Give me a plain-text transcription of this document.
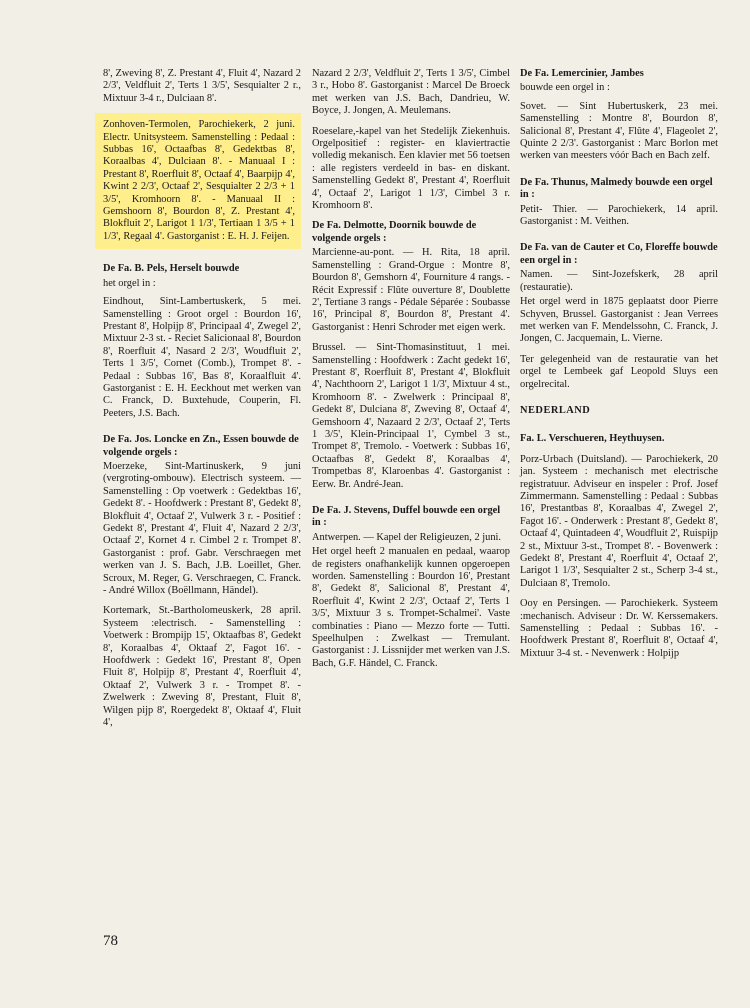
8', Zweving 8', Z. Prestant 4', Fluit 4', Nazard 2 2/3', Veldfluit 2', Terts 1 3/5', Sesquialter 2 r., Mixtuur 3-4 r., Dulciaan 8'.

Zonhoven-Termolen, Parochiekerk, 2 juni. Electr. Unitsysteem. Samenstelling : Pedaal : Subbas 16', Octaafbas 8', Gedektbas 8', Koraalbas 4', Dulciaan 8'. - Manuaal I : Prestant 8', Roerfluit 8', Octaaf 4', Baarpijp 4', Kwint 2 2/3', Octaaf 2', Sesquialter 2 2/3 + 1 3/5', Kromhoorn 8'. - Manuaal II : Gemshoorn 8', Bourdon 8', Z. Prestant 4', Blokfluit 2', Larigot 1 1/3', Tertiaan 1 3/5 + 1 1/3', Regaal 4'. Gastorganist : E. H. J. Feijen.

De Fa. B. Pels, Herselt bouwde
het orgel in :

Eindhout, Sint-Lambertuskerk, 5 mei. Samenstelling : Groot orgel : Bourdon 16', Prestant 8', Holpijp 8', Principaal 4', Zwegel 2', Mixtuur 2-3 st. - Reciet Salicionaal 8', Bourdon 8', Roerfluit 4', Nasard 2 2/3', Woudfluit 2', Terts 1 3/5', Cornet (Comb.), Trompet 8'. - Pedaal : Subbas 16', Bas 8', Koraalfluit 4'. Gastorganist : E. H. Eeckhout met werken van C. Franck, D. Buxtehude, Couperin, Fl. Peeters, J.S. Bach.

De Fa. Jos. Loncke en Zn., Essen bouwde de volgende orgels :

Moerzeke, Sint-Martinuskerk, 9 juni (vergroting-ombouw). Electrisch systeem. — Samenstelling : Op voetwerk : Gedektbas 16', Gedekt 8'. - Hoofdwerk : Prestant 8', Gedekt 8', Blokfluit 4', Octaaf 2', Vulwerk 3 r. - Positief : Gedekt 8', Prestant 4', Fluit 4', Nazard 2 2/3', Octaaf 2', Kornet 4 r. Cimbel 2 r. Trompet 8'. Gastorganist : prof. Gabr. Verschraegen met werken van J. S. Bach, J.B. Loeillet, Gher. Scroux, M. Reger, G. Verschraegen, C. Franck. - André Willox (Boëllmann, Händel).

Kortemark, St.-Bartholomeuskerk, 28 april. Systeem :electrisch. - Samenstelling : Voetwerk : Brompijp 15', Oktaafbas 8', Gedekt 8', Koraalbas 4', Oktaaf 2', Fagot 16'. - Hoofdwerk : Gedekt 16', Prestant 8', Open Fluit 8', Holpijp 8', Prestant 4', Roerfluit 4', Oktaaf 2', Vulwerk 3 r. - Trompet 8'. - Zwelwerk : Zweving 8', Prestant, Fluit 8', Wilgen pijp 8', Roergedekt 8', Oktaaf 4', Fluit 4',

Nazard 2 2/3', Veldfluit 2', Terts 1 3/5', Cimbel 3 r., Hobo 8'. Gastorganist : Marcel De Broeck met werken van J.S. Bach, Dandrieu, W. Boyce, J. Jongen, A. Meulemans.

Roeselare,-kapel van het Stedelijk Ziekenhuis. Orgelpositief : register- en klaviertractie volledig mekanisch. Een klavier met 56 toetsen : alle registers verdeeld in bas- en diskant. Samenstelling Gedekt 8', Prestant 4', Roerfluit 4', Octaaf 2', Larigot 1 1/3', Cimbel 3 r. Kromhoorn 8'.

De Fa. Delmotte, Doornik bouwde de volgende orgels :

Marcienne-au-pont. — H. Rita, 18 april. Samenstelling : Grand-Orgue : Montre 8', Bourdon 8', Gemshorn 4', Fourniture 4 rangs. - Récit Expressif : Flûte ouverture 8', Doublette 2', Tertiane 3 rangs - Pédale Séparée : Soubasse 16', Principal 8', Bourdon 8', Prestant 4'. Gastorganist : Henri Schroder met eigen werk.

Brussel. — Sint-Thomasinstituut, 1 mei. Samenstelling : Hoofdwerk : Zacht gedekt 16', Prestant 8', Roerfluit 8', Prestant 4', Blokfluit 4', Nachthoorn 2', Larigot 1 1/3', Mixtuur 4 st., Kromhoorn 8'. - Zwelwerk : Principaal 8', Gedekt 8', Dulciana 8', Zweving 8', Octaaf 4', Gemshoorn 4', Nazaard 2 2/3', Octaaf 2', Terts 1 3/5', Klein-Principaal 1', Cymbel 3 st., Trompet 8', Tremolo. - Voetwerk : Subbas 16', Octaafbas 8', Gedekt 8', Koraalbas 4', Trompetbas 8', Klaroenbas 4'. Gastorganist : Eerw. Br. André-Jean.

De Fa. J. Stevens, Duffel bouwde een orgel in :

Antwerpen. — Kapel der Religieuzen, 2 juni.

Het orgel heeft 2 manualen en pedaal, waarop de registers onafhankelijk kunnen opgeroepen worden. Samenstelling : Bourdon 16', Prestant 8', Gedekt 8', Salicional 8', Prestant 4', Roerfluit 4', Kwint 2 2/3', Octaaf 2', Terts 1 3/5', Mixtuur 3 s. Trompet-Schalmei'. Vaste combinaties : Piano — Mezzo forte — Tutti. Speelhulpen : Zwelkast — Tremulant. Gastorganist : J. Lissnijder met werken van J.S. Bach, G.F. Händel, C. Franck.

De Fa. Lemercinier, Jambes
bouwde een orgel in :

Sovet. — Sint Hubertuskerk, 23 mei. Samenstelling : Montre 8', Bourdon 8', Salicional 8', Prestant 4', Flûte 4', Flageolet 2', Quinte 2 2/3'. Gastorganist : Marc Borlon met werken van meesters vóór Bach en Bach zelf.

De Fa. Thunus, Malmedy bouwde een orgel in :

Petit- Thier. — Parochiekerk, 14 april. Gastorganist : M. Veithen.

De Fa. van de Cauter et Co, Floreffe bouwde een orgel in :

Namen. — Sint-Jozefskerk, 28 april (restauratie).

Het orgel werd in 1875 geplaatst door Pierre Schyven, Brussel. Gastorganist : Jean Verrees met werken van F. Mendelssohn, C. Franck, J. Jongen, C. Jacquemain, L. Vierne.

Ter gelegenheid van de restauratie van het orgel te Lembeek gaf Leopold Sluys een orgelrecital.

NEDERLAND
Fa. L. Verschueren, Heythuysen.

Porz-Urbach (Duitsland). — Parochiekerk, 20 jan. Systeem : mechanisch met electrische registratuur. Adviseur en inspeler : Prof. Josef Zimmermann. Samenstelling : Pedaal : Subbas 16', Prestantbas 8', Koraalbas 4', Zwegel 2', Fagot 16'. - Onderwerk : Prestant 8', Gedekt 8', Octaaf 4', Quintadeen 4', Woudfluit 2', Ruispijp 2 st., Mixtuur 3-st., Trompet 8'. - Bovenwerk : Gedekt 8', Prestant 4', Roerfluit 4', Octaaf 2', Larigot 1 1/3', Sesquialter 2 st., Scherp 3-4 st., Dulciaan 8', Tremolo.

Ooy en Persingen. — Parochiekerk. Systeem :mechanisch. Adviseur : Dr. W. Kerssemakers. Samenstelling : Pedaal : Subbas 16'. - Hoofdwerk Prestant 8', Roerfluit 8', Octaaf 4', Mixtuur 3-4 st. - Nevenwerk : Holpijp

78
